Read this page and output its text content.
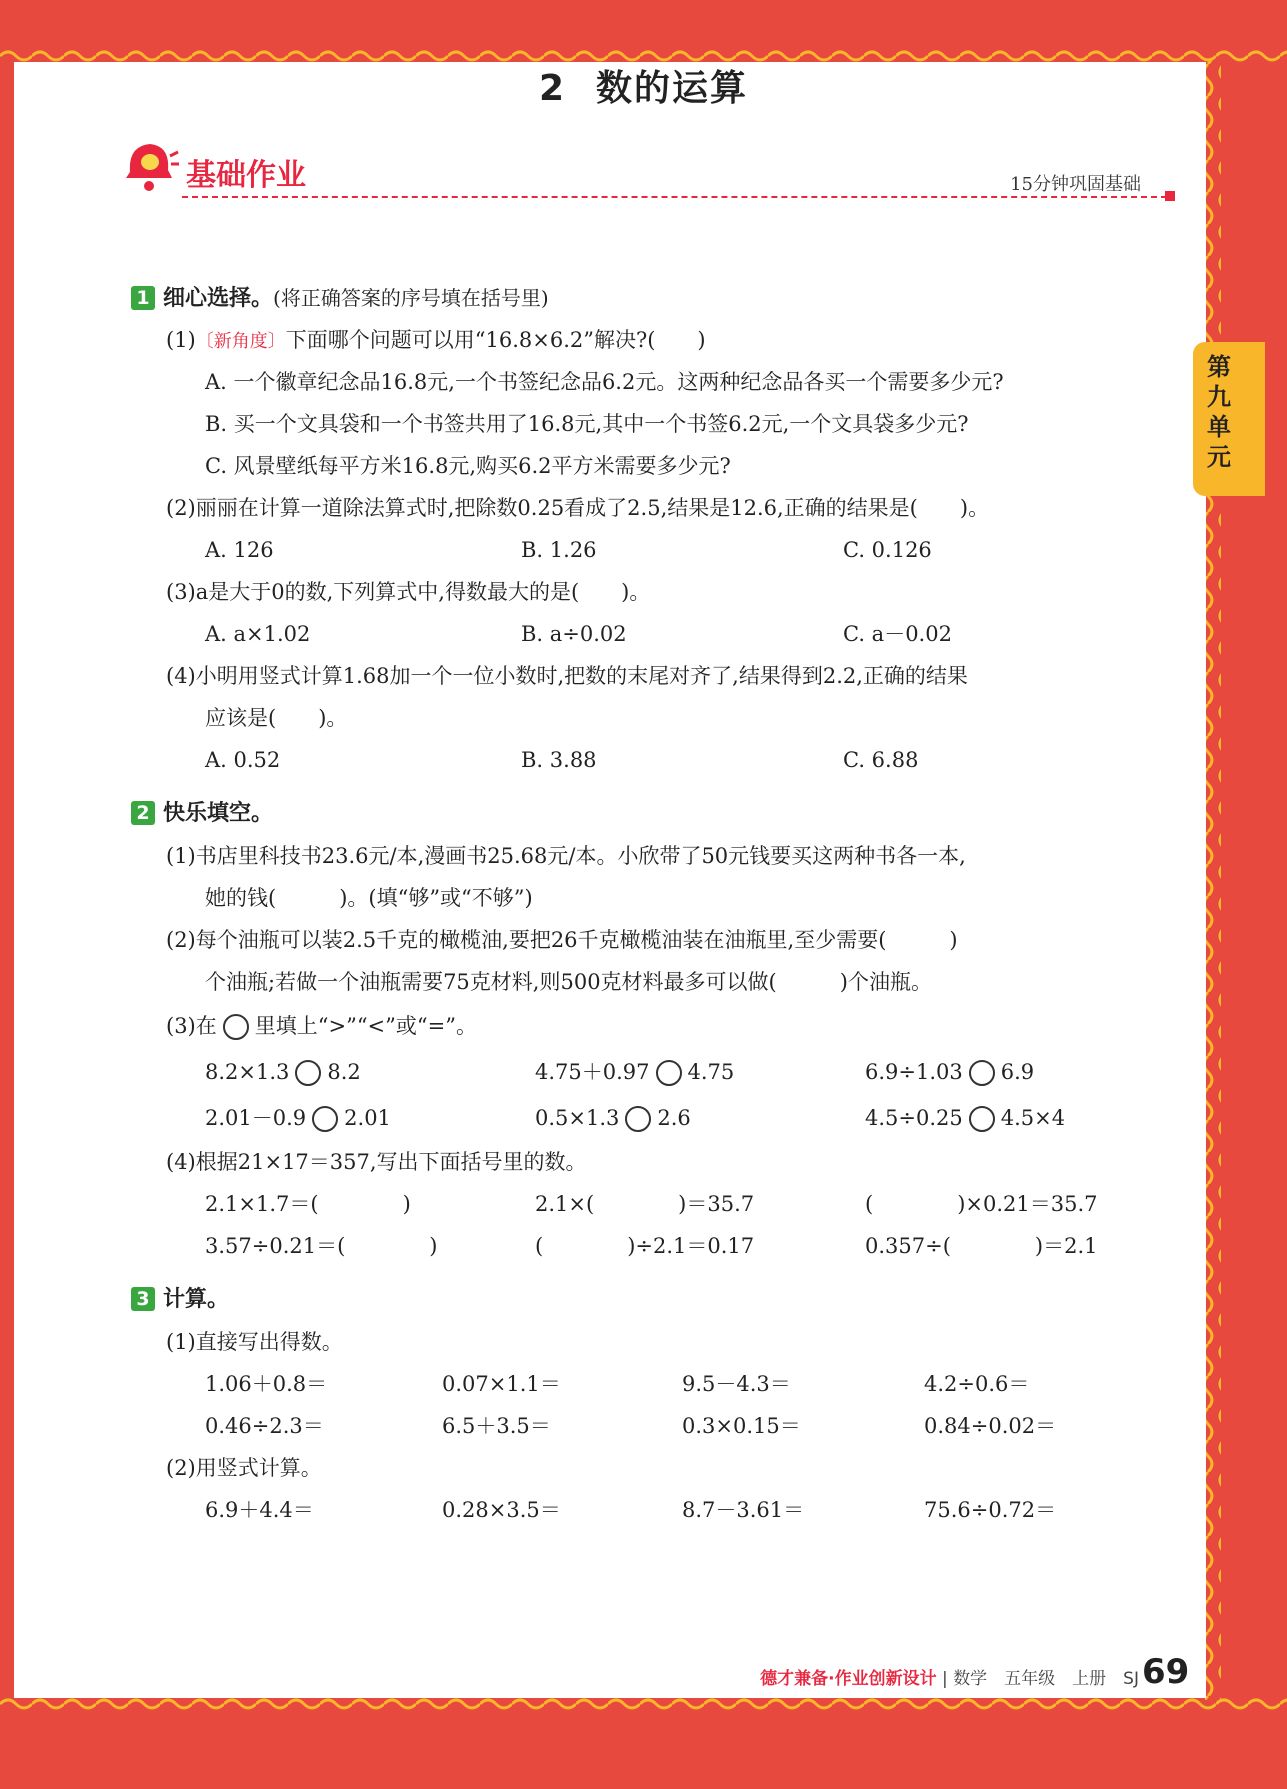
第九单元
2 数的运算
基础作业	15分钟巩固基础
1 细心选择。(将正确答案的序号填在括号里)
(1)〔新角度〕下面哪个问题可以用“16.8×6.2”解决?(　　)
A. 一个徽章纪念品16.8元,一个书签纪念品6.2元。这两种纪念品各买一个需要多少元?
B. 买一个文具袋和一个书签共用了16.8元,其中一个书签6.2元,一个文具袋多少元?
C. 风景壁纸每平方米16.8元,购买6.2平方米需要多少元?
(2)丽丽在计算一道除法算式时,把除数0.25看成了2.5,结果是12.6,正确的结果是(　　)。
A. 126	B. 1.26	C. 0.126
(3)a是大于0的数,下列算式中,得数最大的是(　　)。
A. a×1.02	B. a÷0.02	C. a－0.02
(4)小明用竖式计算1.68加一个一位小数时,把数的末尾对齐了,结果得到2.2,正确的结果
应该是(　　)。
A. 0.52	B. 3.88	C. 6.88
2 快乐填空。
(1)书店里科技书23.6元/本,漫画书25.68元/本。小欣带了50元钱要买这两种书各一本,
她的钱(　　　)。(填“够”或“不够”)
(2)每个油瓶可以装2.5千克的橄榄油,要把26千克橄榄油装在油瓶里,至少需要(　　　)
个油瓶;若做一个油瓶需要75克材料,则500克材料最多可以做(　　　)个油瓶。
(3)在 里填上“>”“<”或“=”。
8.2×1.3 8.2	4.75＋0.97 4.75	6.9÷1.03 6.9
2.01－0.9 2.01	0.5×1.3 2.6	4.5÷0.25 4.5×4
(4)根据21×17＝357,写出下面括号里的数。
2.1×1.7＝(　　　　)	2.1×(　　　　)＝35.7	(　　　　)×0.21＝35.7
3.57÷0.21＝(　　　　)	(　　　　)÷2.1＝0.17	0.357÷(　　　　)＝2.1
3 计算。
(1)直接写出得数。
1.06＋0.8＝	0.07×1.1＝	9.5－4.3＝	4.2÷0.6＝
0.46÷2.3＝	6.5＋3.5＝	0.3×0.15＝	0.84÷0.02＝
(2)用竖式计算。
6.9＋4.4＝	0.28×3.5＝	8.7－3.61＝	75.6÷0.72＝
德才兼备·作业创新设计 | 数学　五年级　上册　SJ 69
